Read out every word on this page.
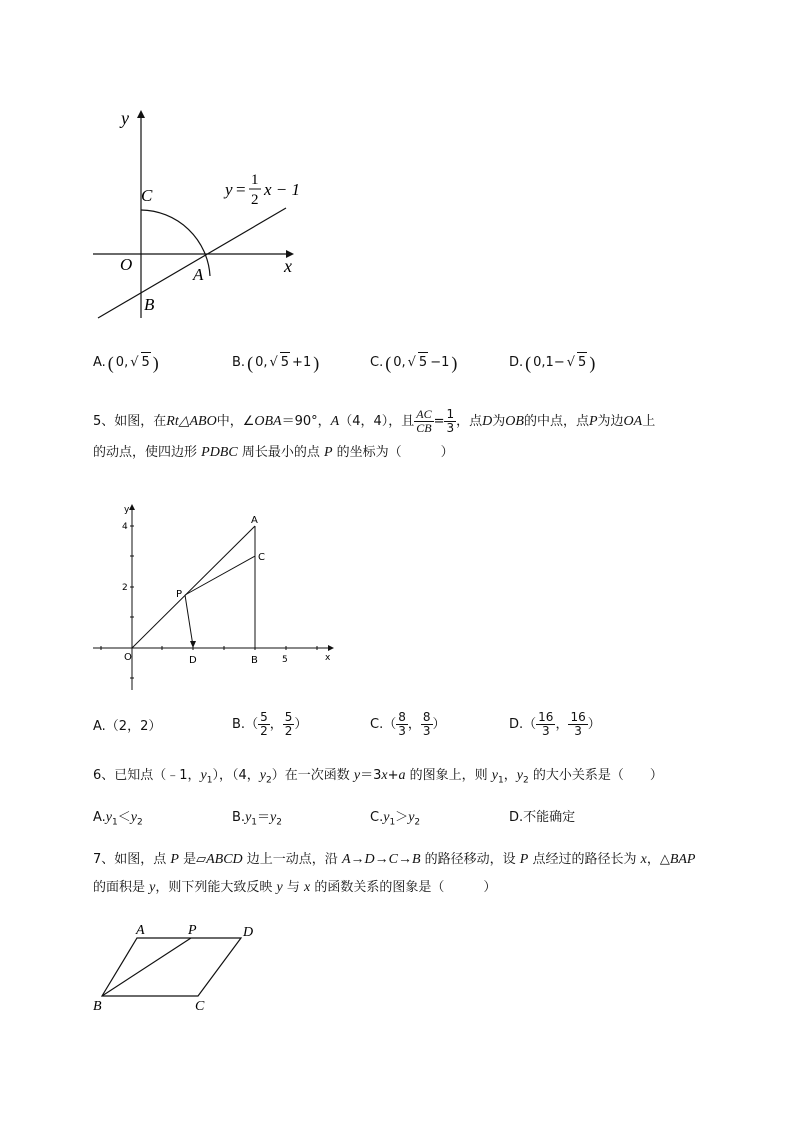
y
x
O
A
B
C	y = 1
2
x − 1
A. ( 0, √ 5 )	B. ( 0, √ 5 +1 )	C. ( 0, √ 5 −1 )	D. ( 0,1− √ 5 )
5、如图，在 Rt△ABO 中，∠ OBA ＝90°， A （4，4），且 $\frac{AC}{CB} = \frac{1}{3}$ ，点 D 为 OB 的中点，点 P 为边 OA 上
的动点，使四边形 PDBC 周长最小的点 P 的坐标为（　　　）
y
x
4
2
5
O
A
C
P
D	B
A.（2，2）	B. （ $\frac{5}{2}$ ， $\frac{5}{2}$ ）	C. （ $\frac{8}{3}$ ， $\frac{8}{3}$ ）	D. （ $\frac{16}{3}$ ， $\frac{16}{3}$ ）
6、已知点（﹣1，$y_1$），（4，$y_2$）在一次函数 y＝3x+a 的图象上，则 $y_1$，$y_2$ 的大小关系是（　　）
$A.y_1<y_2$	$B.y_1=y_2$	$C.y_1>y_2$	D.不能确定
7、如图，点 P 是▱ABCD 边上一动点，沿 A→D→C→B 的路径移动，设 P 点经过的路径长为 x，△BAP
的面积是 y，则下列能大致反映 y 与 x 的函数关系的图象是（　　　）
A	P	D
B	C
